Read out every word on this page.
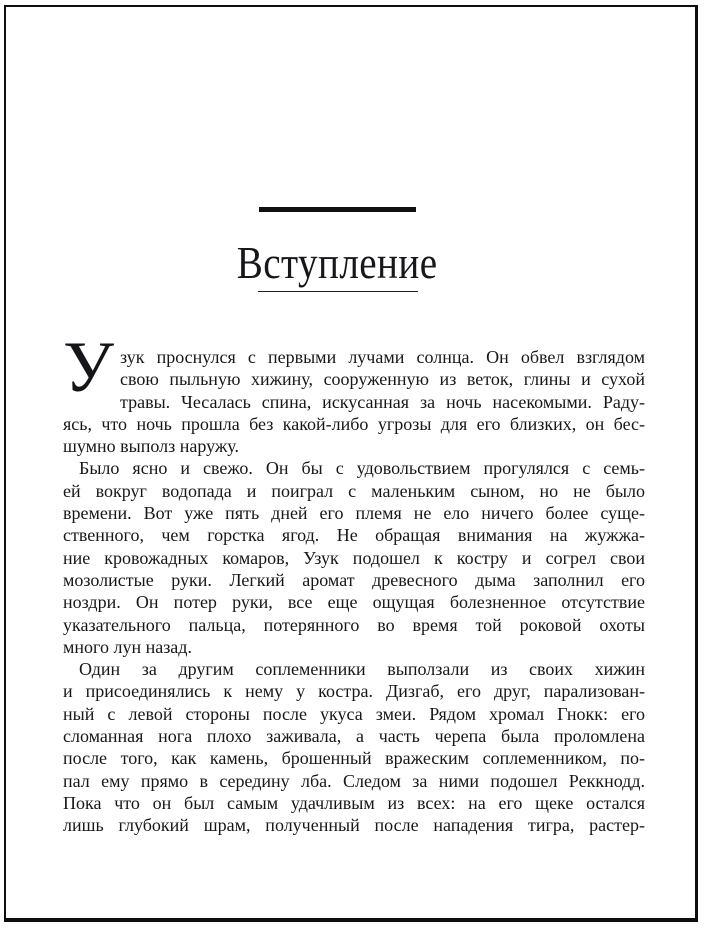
Вступление
У зук проснулся с первыми лучами солнца. Он обвел взглядом
свою пыльную хижину, сооруженную из веток, глины и сухой
травы. Чесалась спина, искусанная за ночь насекомыми. Раду-
ясь, что ночь прошла без какой-либо угрозы для его близких, он бес-
шумно выполз наружу.
Было ясно и свежо. Он бы с удовольствием прогулялся с семь-
ей вокруг водопада и поиграл с маленьким сыном, но не было
времени. Вот уже пять дней его племя не ело ничего более суще-
ственного, чем горстка ягод. Не обращая внимания на жужжа-
ние кровожадных комаров, Узук подошел к костру и согрел свои
мозолистые руки. Легкий аромат древесного дыма заполнил его
ноздри. Он потер руки, все еще ощущая болезненное отсутствие
указательного пальца, потерянного во время той роковой охоты
много лун назад.
Один за другим соплеменники выползали из своих хижин
и присоединялись к нему у костра. Дизгаб, его друг, парализован-
ный с левой стороны после укуса змеи. Рядом хромал Гнокк: его
сломанная нога плохо заживала, а часть черепа была проломлена
после того, как камень, брошенный вражеским соплеменником, по-
пал ему прямо в середину лба. Следом за ними подошел Реккнодд.
Пока что он был самым удачливым из всех: на его щеке остался
лишь глубокий шрам, полученный после нападения тигра, растер-
